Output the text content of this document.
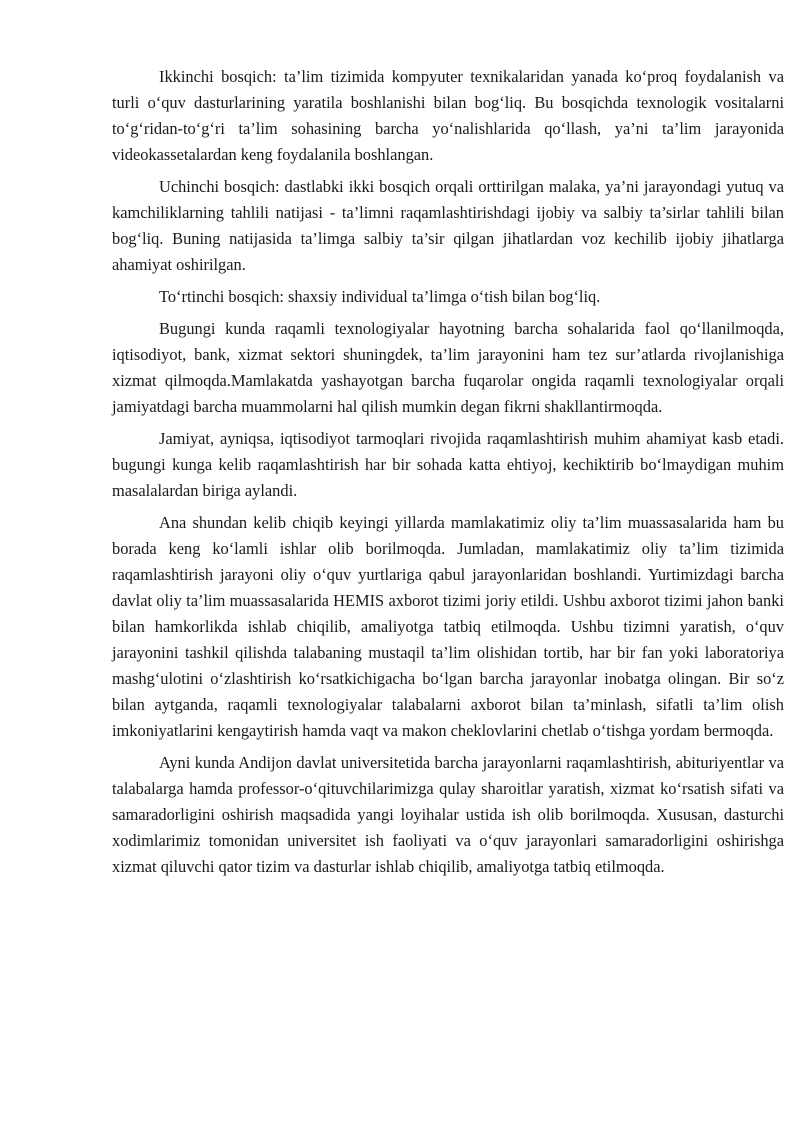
Ikkinchi bosqich: ta’lim tizimida kompyuter texnikalaridan yanada ko‘proq foydalanish va turli o‘quv dasturlarining yaratila boshlanishi bilan bog‘liq. Bu bosqichda texnologik vositalarni to‘g‘ridan-to‘g‘ri ta’lim sohasining barcha yo‘nalishlarida qo‘llash, ya’ni ta’lim jarayonida videokassetalardan keng foydalanila boshlangan.

Uchinchi bosqich: dastlabki ikki bosqich orqali orttirilgan malaka, ya’ni jarayondagi yutuq va kamchiliklarning tahlili natijasi - ta’limni raqamlashtirishdagi ijobiy va salbiy ta’sirlar tahlili bilan bog‘liq. Buning natijasida ta’limga salbiy ta’sir qilgan jihatlardan voz kechilib ijobiy jihatlarga ahamiyat oshirilgan.

To‘rtinchi bosqich: shaxsiy individual ta’limga o‘tish bilan bog‘liq.

Bugungi kunda raqamli texnologiyalar hayotning barcha sohalarida faol qo‘llanilmoqda, iqtisodiyot, bank, xizmat sektori shuningdek, ta’lim jarayonini ham tez sur’atlarda rivojlanishiga xizmat qilmoqda.Mamlakatda yashayotgan barcha fuqarolar ongida raqamli texnologiyalar orqali jamiyatdagi barcha muammolarni hal qilish mumkin degan fikrni shakllantirmoqda.

Jamiyat, ayniqsa, iqtisodiyot tarmoqlari rivojida raqamlashtirish muhim ahamiyat kasb etadi. bugungi kunga kelib raqamlashtirish har bir sohada katta ehtiyoj, kechiktirib bo‘lmaydigan muhim masalalardan biriga aylandi.

Ana shundan kelib chiqib keyingi yillarda mamlakatimiz oliy ta’lim muassasalarida ham bu borada keng ko‘lamli ishlar olib borilmoqda. Jumladan, mamlakatimiz oliy ta’lim tizimida raqamlashtirish jarayoni oliy o‘quv yurtlariga qabul jarayonlaridan boshlandi. Yurtimizdagi barcha davlat oliy ta’lim muassasalarida HEMIS axborot tizimi joriy etildi. Ushbu axborot tizimi jahon banki bilan hamkorlikda ishlab chiqilib, amaliyotga tatbiq etilmoqda. Ushbu tizimni yaratish, o‘quv jarayonini tashkil qilishda talabaning mustaqil ta’lim olishidan tortib, har bir fan yoki laboratoriya mashg‘ulotini o‘zlashtirish ko‘rsatkichigacha bo‘lgan barcha jarayonlar inobatga olingan. Bir so‘z bilan aytganda, raqamli texnologiyalar talabalarni axborot bilan ta’minlash, sifatli ta’lim olish imkoniyatlarini kengaytirish hamda vaqt va makon cheklovlarini chetlab o‘tishga yordam bermoqda.

Ayni kunda Andijon davlat universitetida barcha jarayonlarni raqamlashtirish, abituriyentlar va talabalarga hamda professor-o‘qituvchilarimizga qulay sharoitlar yaratish, xizmat ko‘rsatish sifati va samaradorligini oshirish maqsadida yangi loyihalar ustida ish olib borilmoqda. Xususan, dasturchi xodimlarimiz tomonidan universitet ish faoliyati va o‘quv jarayonlari samaradorligini oshirishga xizmat qiluvchi qator tizim va dasturlar ishlab chiqilib, amaliyotga tatbiq etilmoqda.
